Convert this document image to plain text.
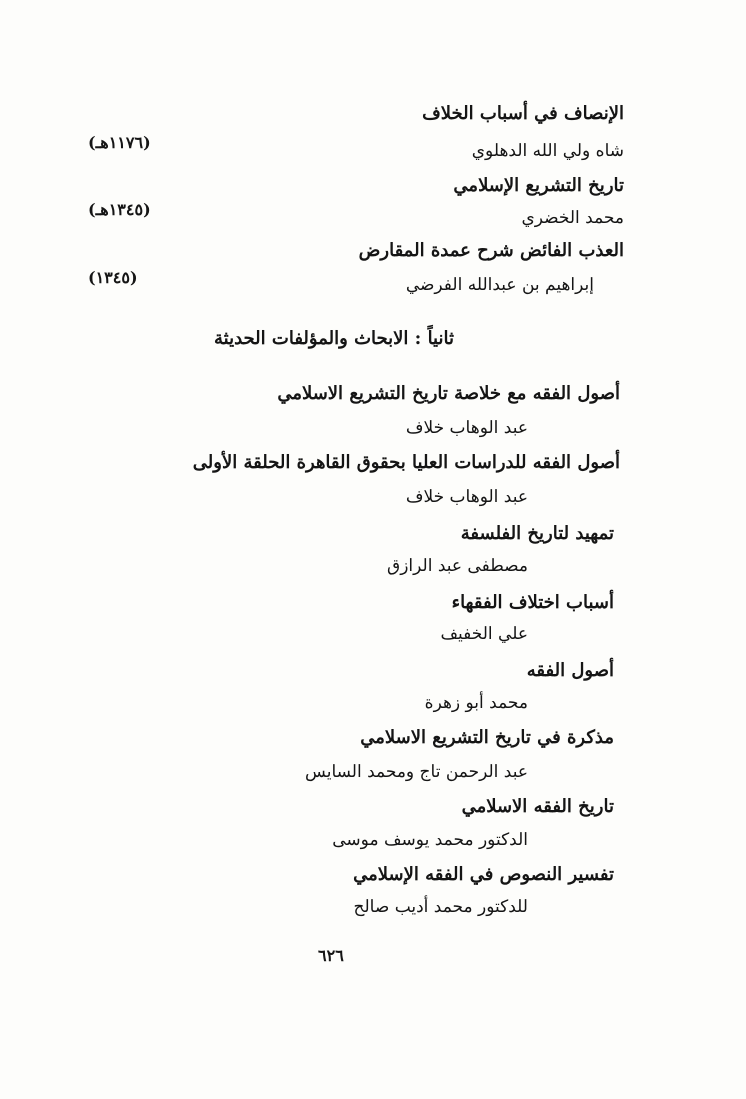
الإنصاف في أسباب الخلاف
شاه ولي الله الدهلوي
(١١٧٦هـ)
تاريخ التشريع الإسلامي
محمد الخضري
(١٣٤٥هـ)
العذب الفائض شرح عمدة المقارض
إبراهيم بن عبدالله الفرضي
(١٣٤٥)
ثانياً : الابحاث والمؤلفات الحديثة
أصول الفقه مع خلاصة تاريخ التشريع الاسلامي
عبد الوهاب خلاف
أصول الفقه للدراسات العليا بحقوق القاهرة الحلقة الأولى
عبد الوهاب خلاف
تمهيد لتاريخ الفلسفة
مصطفى عبد الرازق
أسباب اختلاف الفقهاء
علي الخفيف
أصول الفقه
محمد أبو زهرة
مذكرة في تاريخ التشريع الاسلامي
عبد الرحمن تاج ومحمد السايس
تاريخ الفقه الاسلامي
الدكتور محمد يوسف موسى
تفسير النصوص في الفقه الإسلامي
للدكتور محمد أديب صالح
٦٢٦
